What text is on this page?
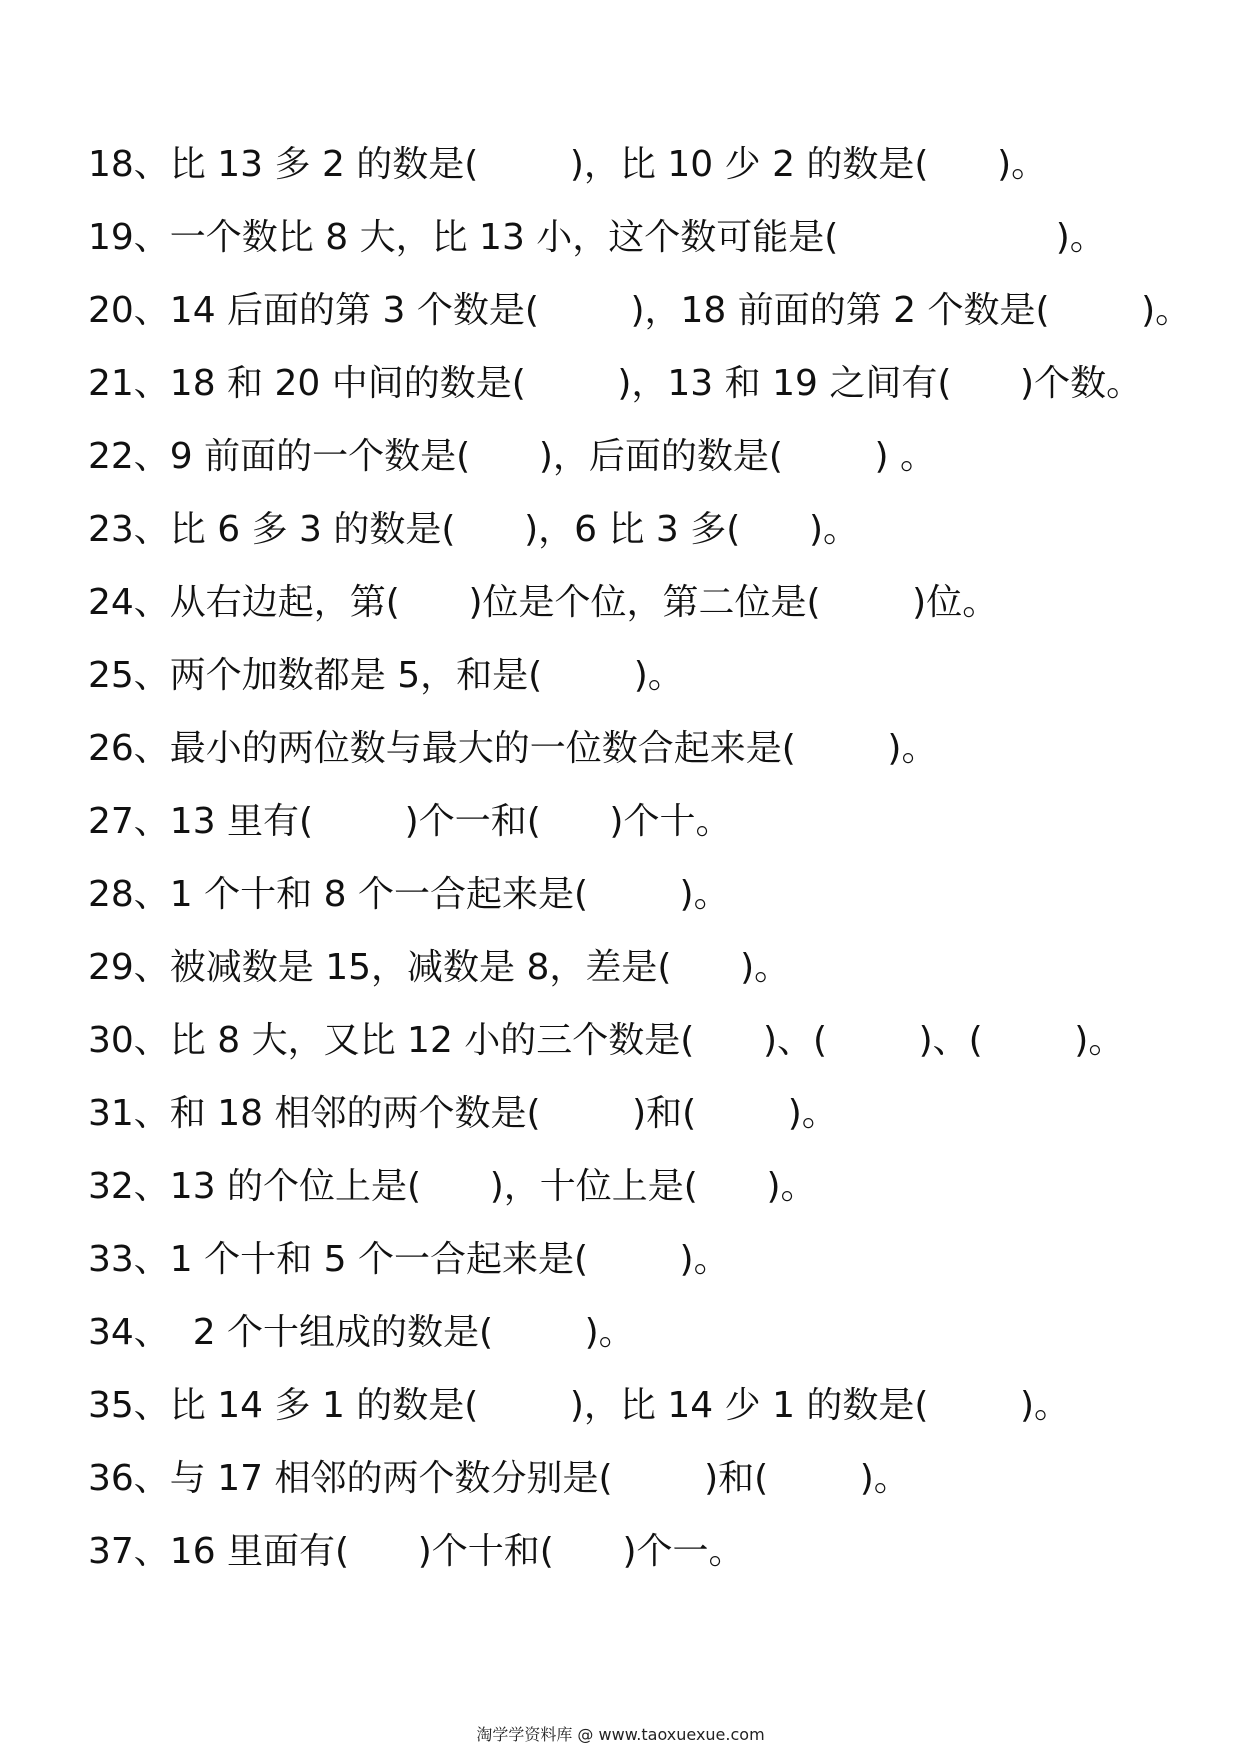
18、比 13 多 2 的数是(        )，比 10 少 2 的数是(      )。
19、一个数比 8 大，比 13 小，这个数可能是(                   )。
20、14 后面的第 3 个数是(        )，18 前面的第 2 个数是(        )。
21、18 和 20 中间的数是(        )，13 和 19 之间有(      )个数。
22、9 前面的一个数是(      )，后面的数是(        ) 。
23、比 6 多 3 的数是(      )，6 比 3 多(      )。
24、从右边起，第(      )位是个位，第二位是(        )位。
25、两个加数都是 5，和是(        )。
26、最小的两位数与最大的一位数合起来是(        )。
27、13 里有(        )个一和(      )个十。
28、1 个十和 8 个一合起来是(        )。
29、被减数是 15，减数是 8，差是(      )。
30、比 8 大，又比 12 小的三个数是(      )、(        )、(        )。
31、和 18 相邻的两个数是(        )和(        )。
32、13 的个位上是(      )，十位上是(      )。
33、1 个十和 5 个一合起来是(        )。
34、  2 个十组成的数是(        )。
35、比 14 多 1 的数是(        )，比 14 少 1 的数是(        )。
36、与 17 相邻的两个数分别是(        )和(        )。
37、16 里面有(      )个十和(      )个一。
淘学学资料库 @ www.taoxuexue.com
